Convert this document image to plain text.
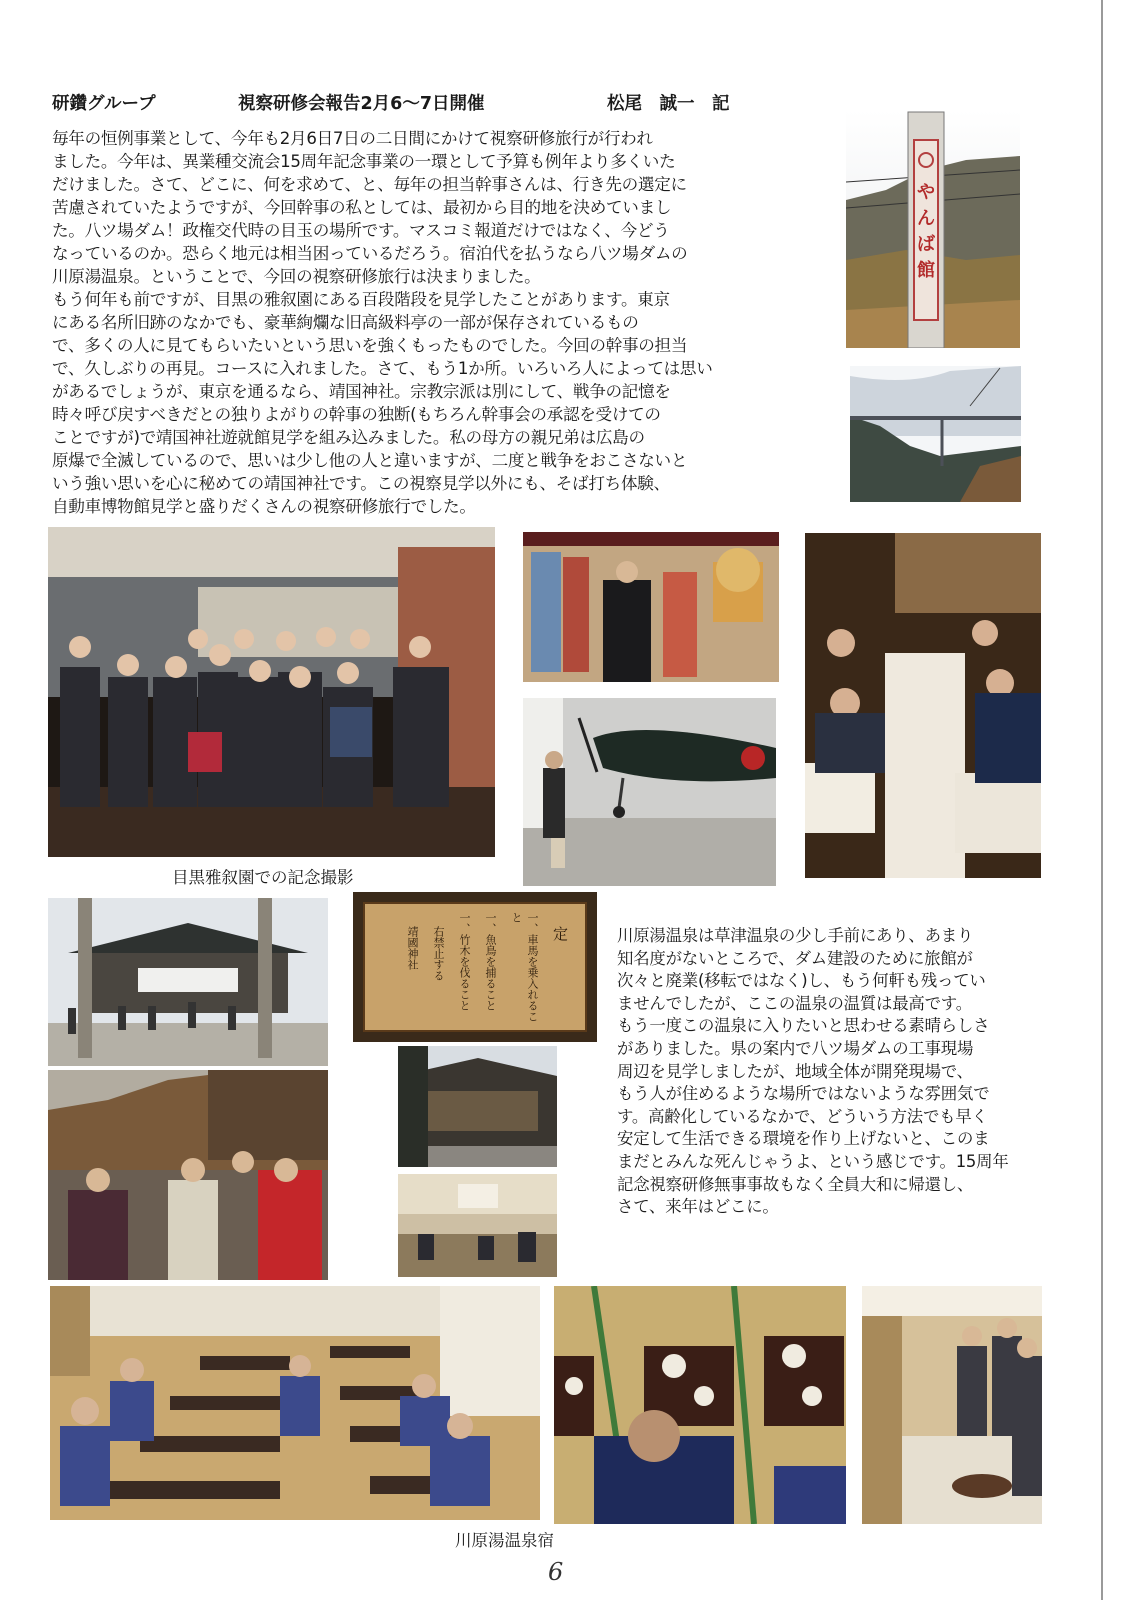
研鑽グループ	視察研修会報告2月6～7日開催	松尾　誠一　記

毎年の恒例事業として、今年も2月6日7日の二日間にかけて視察研修旅行が行われ
ました。今年は、異業種交流会15周年記念事業の一環として予算も例年より多くいた
だけました。さて、どこに、何を求めて、と、毎年の担当幹事さんは、行き先の選定に
苦慮されていたようですが、今回幹事の私としては、最初から目的地を決めていまし
た。八ツ場ダム！政権交代時の目玉の場所です。マスコミ報道だけではなく、今どう
なっているのか。恐らく地元は相当困っているだろう。宿泊代を払うなら八ツ場ダムの
川原湯温泉。ということで、今回の視察研修旅行は決まりました。
もう何年も前ですが、目黒の雅叙園にある百段階段を見学したことがあります。東京
にある名所旧跡のなかでも、豪華絢爛な旧高級料亭の一部が保存されているもの
で、多くの人に見てもらいたいという思いを強くもったものでした。今回の幹事の担当
で、久しぶりの再見。コースに入れました。さて、もう1か所。いろいろ人によっては思い
があるでしょうが、東京を通るなら、靖国神社。宗教宗派は別にして、戦争の記憶を
時々呼び戻すべきだとの独りよがりの幹事の独断(もちろん幹事会の承認を受けての
ことですが)で靖国神社遊就館見学を組み込みました。私の母方の親兄弟は広島の
原爆で全滅しているので、思いは少し他の人と違いますが、二度と戦争をおこさないと
いう強い思いを心に秘めての靖国神社です。この視察見学以外にも、そば打ち体験、
自動車博物館見学と盛りだくさんの視察研修旅行でした。

やんば館
目黒雅叙園での記念撮影
定
一、車馬を乗入れること
一、魚鳥を捕ること
一、竹木を伐ること
右禁止する
靖國神社	川原湯温泉は草津温泉の少し手前にあり、あまり
知名度がないところで、ダム建設のために旅館が
次々と廃業(移転ではなく)し、もう何軒も残ってい
ませんでしたが、ここの温泉の温質は最高です。
もう一度この温泉に入りたいと思わせる素晴らしさ
がありました。県の案内で八ツ場ダムの工事現場
周辺を見学しましたが、地域全体が開発現場で、
もう人が住めるような場所ではないような雰囲気で
す。高齢化しているなかで、どういう方法でも早く
安定して生活できる環境を作り上げないと、このま
まだとみんな死んじゃうよ、という感じです。15周年
記念視察研修無事事故もなく全員大和に帰還し、
さて、来年はどこに。

川原湯温泉宿
6
